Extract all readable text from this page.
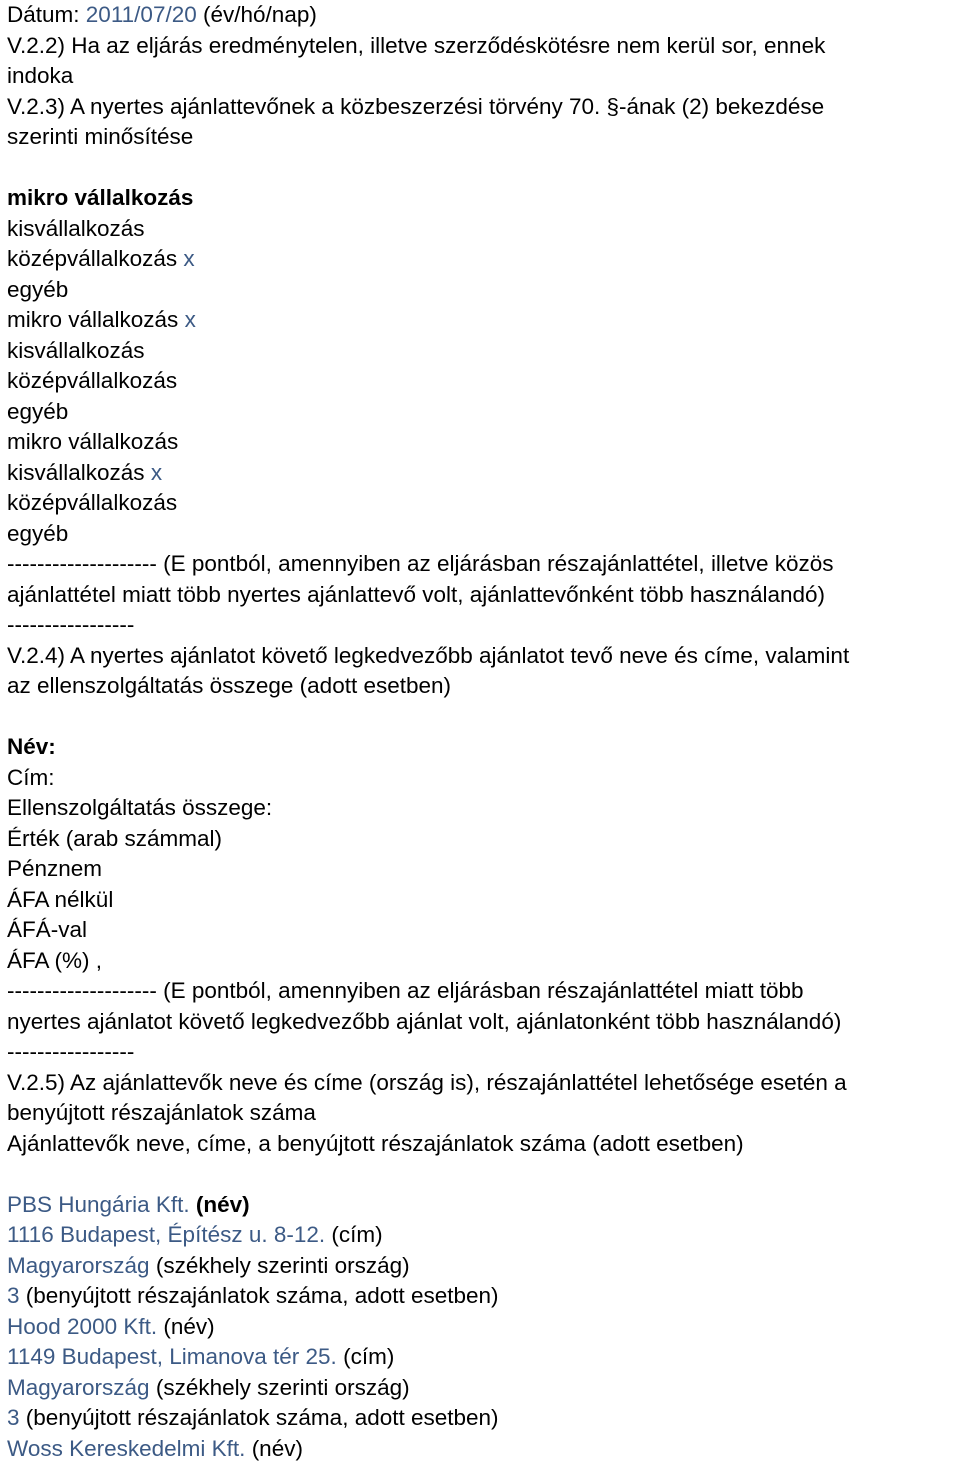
Dátum: 2011/07/20 (év/hó/nap)
V.2.2) Ha az eljárás eredménytelen, illetve szerződéskötésre nem kerül sor, ennek
indoka
V.2.3) A nyertes ajánlattevőnek a közbeszerzési törvény 70. §-ának (2) bekezdése
szerinti minősítése
mikro vállalkozás
kisvállalkozás
középvállalkozás x
egyéb
mikro vállalkozás x
kisvállalkozás
középvállalkozás
egyéb
mikro vállalkozás
kisvállalkozás x
középvállalkozás
egyéb
-------------------- (E pontból, amennyiben az eljárásban részajánlattétel, illetve közös
ajánlattétel miatt több nyertes ajánlattevő volt, ajánlattevőnként több használandó)
-----------------
V.2.4) A nyertes ajánlatot követő legkedvezőbb ajánlatot tevő neve és címe, valamint
az ellenszolgáltatás összege (adott esetben)
Név:
Cím:
Ellenszolgáltatás összege:
Érték (arab számmal)
Pénznem
ÁFA nélkül
ÁFÁ-val
ÁFA (%) ,
-------------------- (E pontból, amennyiben az eljárásban részajánlattétel miatt több
nyertes ajánlatot követő legkedvezőbb ajánlat volt, ajánlatonként több használandó)
-----------------
V.2.5) Az ajánlattevők neve és címe (ország is), részajánlattétel lehetősége esetén a
benyújtott részajánlatok száma
Ajánlattevők neve, címe, a benyújtott részajánlatok száma (adott esetben)
PBS Hungária Kft. (név)
1116 Budapest, Építész u. 8-12. (cím)
Magyarország (székhely szerinti ország)
3 (benyújtott részajánlatok száma, adott esetben)
Hood 2000 Kft. (név)
1149 Budapest, Limanova tér 25. (cím)
Magyarország (székhely szerinti ország)
3 (benyújtott részajánlatok száma, adott esetben)
Woss Kereskedelmi Kft. (név)
